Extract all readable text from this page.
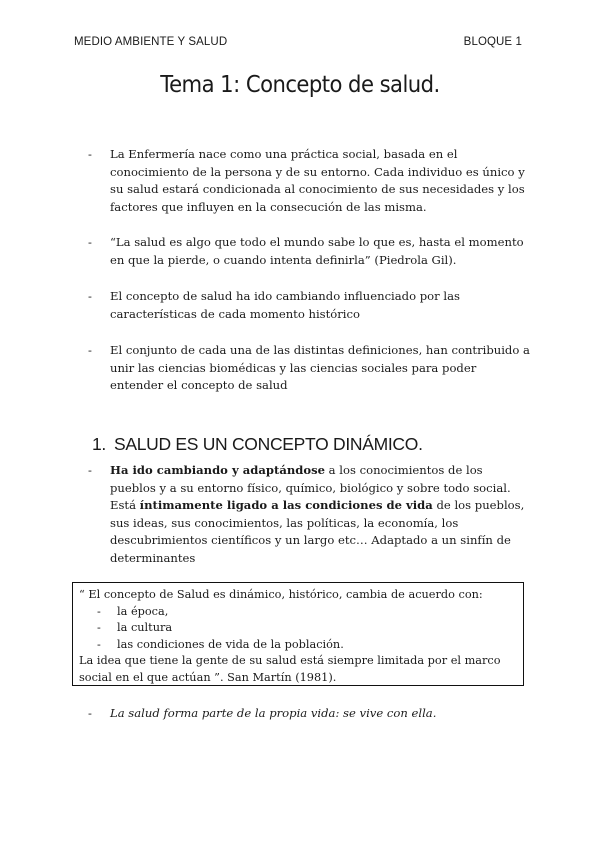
MEDIO AMBIENTE Y SALUD	BLOQUE 1
Tema 1: Concepto de salud.
- La Enfermería nace como una práctica social, basada en el conocimiento de la persona y de su entorno. Cada individuo es único y su salud estará condicionada al conocimiento de sus necesidades y los factores que influyen en la consecución de las misma.
- “La salud es algo que todo el mundo sabe lo que es, hasta el momento en que la pierde, o cuando intenta definirla” (Piedrola Gil).
- El concepto de salud ha ido cambiando influenciado por las características de cada momento histórico
- El conjunto de cada una de las distintas definiciones, han contribuido a unir las ciencias biomédicas y las ciencias sociales para poder entender el concepto de salud
1. SALUD ES UN CONCEPTO DINÁMICO.
- Ha ido cambiando y adaptándose a los conocimientos de los pueblos y a su entorno físico, químico, biológico y sobre todo social. Está íntimamente ligado a las condiciones de vida de los pueblos, sus ideas, sus conocimientos, las políticas, la economía, los descubrimientos científicos y un largo etc… Adaptado a un sinfín de determinantes
“ El concepto de Salud es dinámico, histórico, cambia de acuerdo con:
- la época,
- la cultura
- las condiciones de vida de la población.
La idea que tiene la gente de su salud está siempre limitada por el marco social en el que actúan ”. San Martín (1981).
- La salud forma parte de la propia vida: se vive con ella.
